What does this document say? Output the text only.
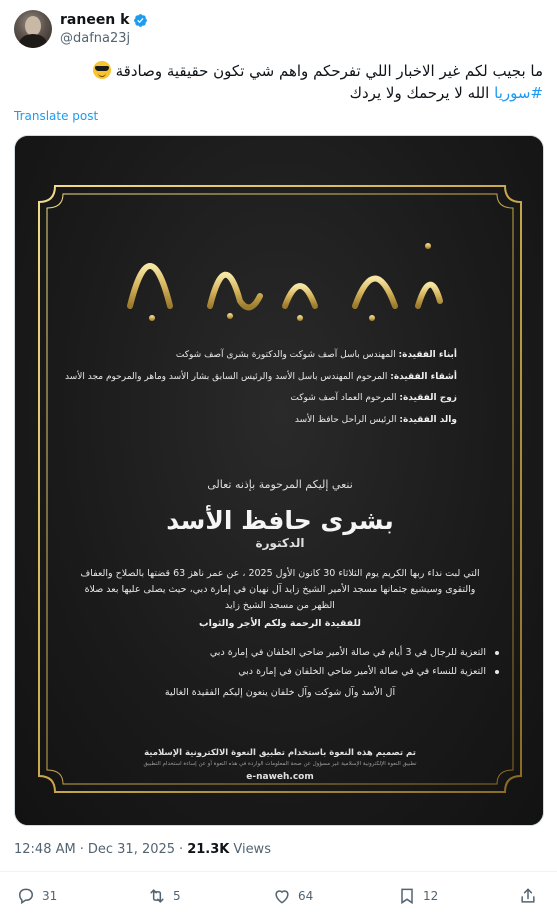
raneen k
@dafna23j
ما بجيب لكم غير الاخبار اللي تفرحكم واهم شي تكون حقيقية وصادقة
#سوريا الله لا يرحمك ولا يردك
Translate post
أبناء الفقيدة: المهندس باسل آصف شوكت والدكتورة بشرى آصف شوكت
أشقاء الفقيدة: المرحوم المهندس باسل الأسد والرئيس السابق بشار الأسد وماهر والمرحوم مجد الأسد
زوج الفقيدة: المرحوم العماد آصف شوكت
والد الفقيدة: الرئيس الراحل حافظ الأسد
ننعي إليكم المرحومة بإذنه تعالى
بشرى حافظ الأسد
الدكتورة
التي لبت نداء ربها الكريم يوم الثلاثاء 30 كانون الأول 2025 ، عن عمر ناهز 63 قضتها بالصلاح والعفاف
والتقوى وسيشيع جثمانها مسجد الأمير الشيخ زايد آل نهيان في إمارة دبي، حيث يصلى عليها بعد صلاة
الظهر من مسجد الشيخ زايد
للفقيدة الرحمة ولكم الأجر والثواب
التعزية للرجال في 3 أيام في صالة الأمير ضاحي الخلفان في إمارة دبي
التعزية للنساء في في صالة الأمير ضاحي الخلفان في إمارة دبي
آل الأسد وآل شوكت وآل خلفان ينعون إليكم الفقيدة الغالية
تم تصميم هذه النعوة باستخدام تطبيق النعوة الالكترونية الإسلامية
تطبيق النعوة الإلكترونية الإسلامية غير مسؤول عن صحة المعلومات الواردة في هذه النعوة أو عن إساءة استخدام التطبيق
e-naweh.com
12:48 AM · Dec 31, 2025 · 21.3K Views
31	5	64	12
